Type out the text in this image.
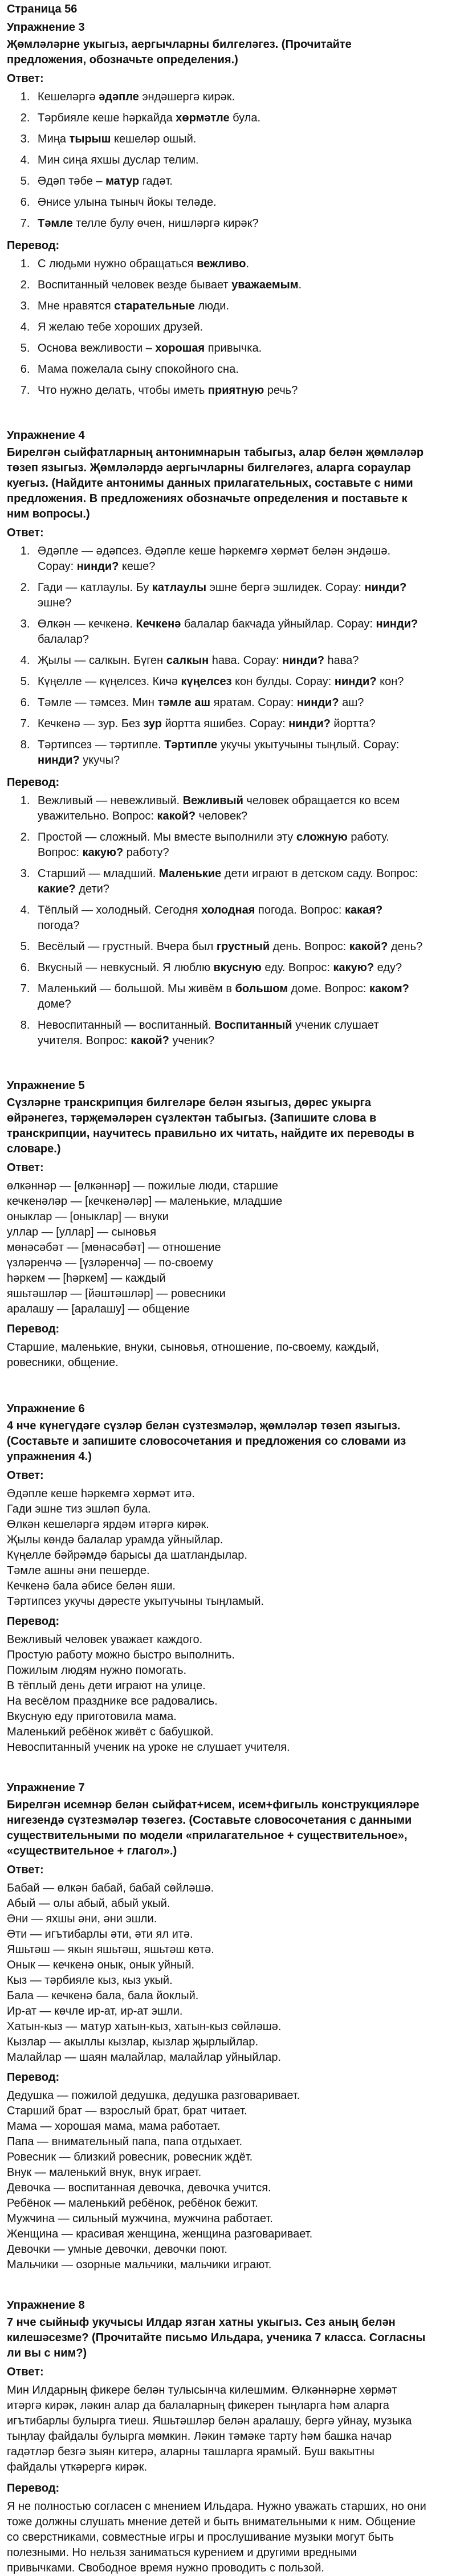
Страница 56
Упражнение 3
Җөмләләрне укыгыз, аергычларны билгеләгез. (Прочитайте предложения, обозначьте определения.)
Ответ:
1. Кешеләргә әдәпле эндәшергә кирәк.
2. Тәрбияле кеше һәркайда хөрмәтле була.
3. Миңа тырыш кешеләр ошый.
4. Мин сиңа яхшы дуслар телим.
5. Әдәп тәбе – матур гадәт.
6. Әнисе улына тыныч йокы теләде.
7. Тәмле телле булу өчен, нишләргә кирәк?
Перевод:
1. С людьми нужно обращаться вежливо.
2. Воспитанный человек везде бывает уважаемым.
3. Мне нравятся старательные люди.
4. Я желаю тебе хороших друзей.
5. Основа вежливости – хорошая привычка.
6. Мама пожелала сыну спокойного сна.
7. Что нужно делать, чтобы иметь приятную речь?
Упражнение 4
Бирелгән сыйфатларның антонимнарын табыгыз, алар белән җөмләләр төзеп языгыз. Җөмләләрдә аергычларны билгеләгез, аларга сораулар куегыз. (Найдите антонимы данных прилагательных, составьте с ними предложения. В предложениях обозначьте определения и поставьте к ним вопросы.)
Ответ:
1. Әдәпле — әдәпсез. Әдәпле кеше һәркемгә хөрмәт белән эндәшә. Сорау: нинди? кеше?
2. Гади — катлаулы. Бу катлаулы эшне бергә эшлидек. Сорау: нинди? эшне?
3. Өлкән — кечкенә. Кечкенә балалар бакчада уйныйлар. Сорау: нинди? балалар?
4. Җылы — салкын. Бүген салкын һава. Сорау: нинди? һава?
5. Күңелле — күңелсез. Кичә күңелсез кон булды. Сорау: нинди? кон?
6. Тәмле — тәмсез. Мин тәмле аш яратам. Сорау: нинди? аш?
7. Кечкенә — зур. Без зур йортта яшибез. Сорау: нинди? йортта?
8. Тәртипсез — тәртипле. Тәртипле укучы укытучыны тыңлый. Сорау: нинди? укучы?
Перевод:
1. Вежливый — невежливый. Вежливый человек обращается ко всем уважительно. Вопрос: какой? человек?
2. Простой — сложный. Мы вместе выполнили эту сложную работу. Вопрос: какую? работу?
3. Старший — младший. Маленькие дети играют в детском саду. Вопрос: какие? дети?
4. Тёплый — холодный. Сегодня холодная погода. Вопрос: какая? погода?
5. Весёлый — грустный. Вчера был грустный день. Вопрос: какой? день?
6. Вкусный — невкусный. Я люблю вкусную еду. Вопрос: какую? еду?
7. Маленький — большой. Мы живём в большом доме. Вопрос: каком? доме?
8. Невоспитанный — воспитанный. Воспитанный ученик слушает учителя. Вопрос: какой? ученик?
Упражнение 5
Сүзләрне транскрипция билгеләре белән языгыз, дөрес укырга өйрәнегез, тәрҗемәләрен сүзлектән табыгыз. (Запишите слова в транскрипции, научитесь правильно их читать, найдите их переводы в словаре.)
Ответ:

өлкәннәр — [өлкәннәр] — пожилые люди, старшие

кечкенәләр — [кечкенәләр] — маленькие, младшие

оныклар — [оныклар] — внуки

уллар — [уллар] — сыновья

мөнәсәбәт — [мөнәсәбәт] — отношение

үзләренчә — [үзләренчә] — по-своему

һәркем — [һәркем] — каждый

яшьтәшләр — [йәштәшләр] — ровесники

аралашу — [аралашу] — общение

Перевод:
Старшие, маленькие, внуки, сыновья, отношение, по-своему, каждый, ровесники, общение.
Упражнение 6
4 нче күнегүдәге сүзләр белән сүзтезмәләр, җөмләләр төзеп языгыз. (Составьте и запишите словосочетания и предложения со словами из упражнения 4.)
Ответ:

Әдәпле кеше һәркемгә хөрмәт итә.

Гади эшне тиз эшләп була.

Өлкән кешеләргә ярдәм итәргә кирәк.

Җылы көндә балалар урамда уйныйлар.

Күңелле бәйрәмдә барысы да шатландылар.

Тәмле ашны әни пешерде.

Кечкенә бала әбисе белән яши.

Тәртипсез укучы дәресте укытучыны тыңламый.

Перевод:

Вежливый человек уважает каждого.

Простую работу можно быстро выполнить.

Пожилым людям нужно помогать.

В тёплый день дети играют на улице.

На весёлом празднике все радовались.

Вкусную еду приготовила мама.

Маленький ребёнок живёт с бабушкой.

Невоспитанный ученик на уроке не слушает учителя.

Упражнение 7
Бирелгән исемнәр белән сыйфат+исем, исем+фигыль конструкцияләре нигезендә сүзтезмәләр төзегез. (Составьте словосочетания с данными существительными по модели «прилагательное + существительное», «существительное + глагол».)
Ответ:

Бабай — өлкән бабай, бабай сөйләшә.

Абый — олы абый, абый укый.

Әни — яхшы әни, әни эшли.

Әти — игътибарлы әти, әти ял итә.

Яшьтәш — якын яшьтәш, яшьтәш көтә.

Онык — кечкенә онык, онык уйный.

Кыз — тәрбияле кыз, кыз укый.

Бала — кечкенә бала, бала йоклый.

Ир-ат — көчле ир-ат, ир-ат эшли.

Хатын-кыз — матур хатын-кыз, хатын-кыз сөйләшә.

Кызлар — акыллы кызлар, кызлар җырлыйлар.

Малайлар — шаян малайлар, малайлар уйныйлар.

Перевод:

Дедушка — пожилой дедушка, дедушка разговаривает.

Старший брат — взрослый брат, брат читает.

Мама — хорошая мама, мама работает.

Папа — внимательный папа, папа отдыхает.

Ровесник — близкий ровесник, ровесник ждёт.

Внук — маленький внук, внук играет.

Девочка — воспитанная девочка, девочка учится.

Ребёнок — маленький ребёнок, ребёнок бежит.

Мужчина — сильный мужчина, мужчина работает.

Женщина — красивая женщина, женщина разговаривает.

Девочки — умные девочки, девочки поют.

Мальчики — озорные мальчики, мальчики играют.

Упражнение 8
7 нче сыйныф укучысы Илдар язган хатны укыгыз. Сез аның белән килешәсезме? (Прочитайте письмо Ильдара, ученика 7 класса. Согласны ли вы с ним?)
Ответ:
Мин Илдарның фикере белән тулысынча килешмим. Өлкәннәрне хөрмәт итәргә кирәк, ләкин алар да балаларның фикерен тыңларга һәм аларга игътибарлы булырга тиеш. Яшьтәшләр белән аралашу, бергә уйнау, музыка тыңлау файдалы булырга мөмкин. Ләкин тәмәке тарту һәм башка начар гадәтләр безгә зыян китерә, аларны ташларга ярамый. Буш вакытны файдалы үткәрергә кирәк.
Перевод:
Я не полностью согласен с мнением Ильдара. Нужно уважать старших, но они тоже должны слушать мнение детей и быть внимательными к ним. Общение со сверстниками, совместные игры и прослушивание музыки могут быть полезными. Но нельзя заниматься курением и другими вредными привычками. Свободное время нужно проводить с пользой.
